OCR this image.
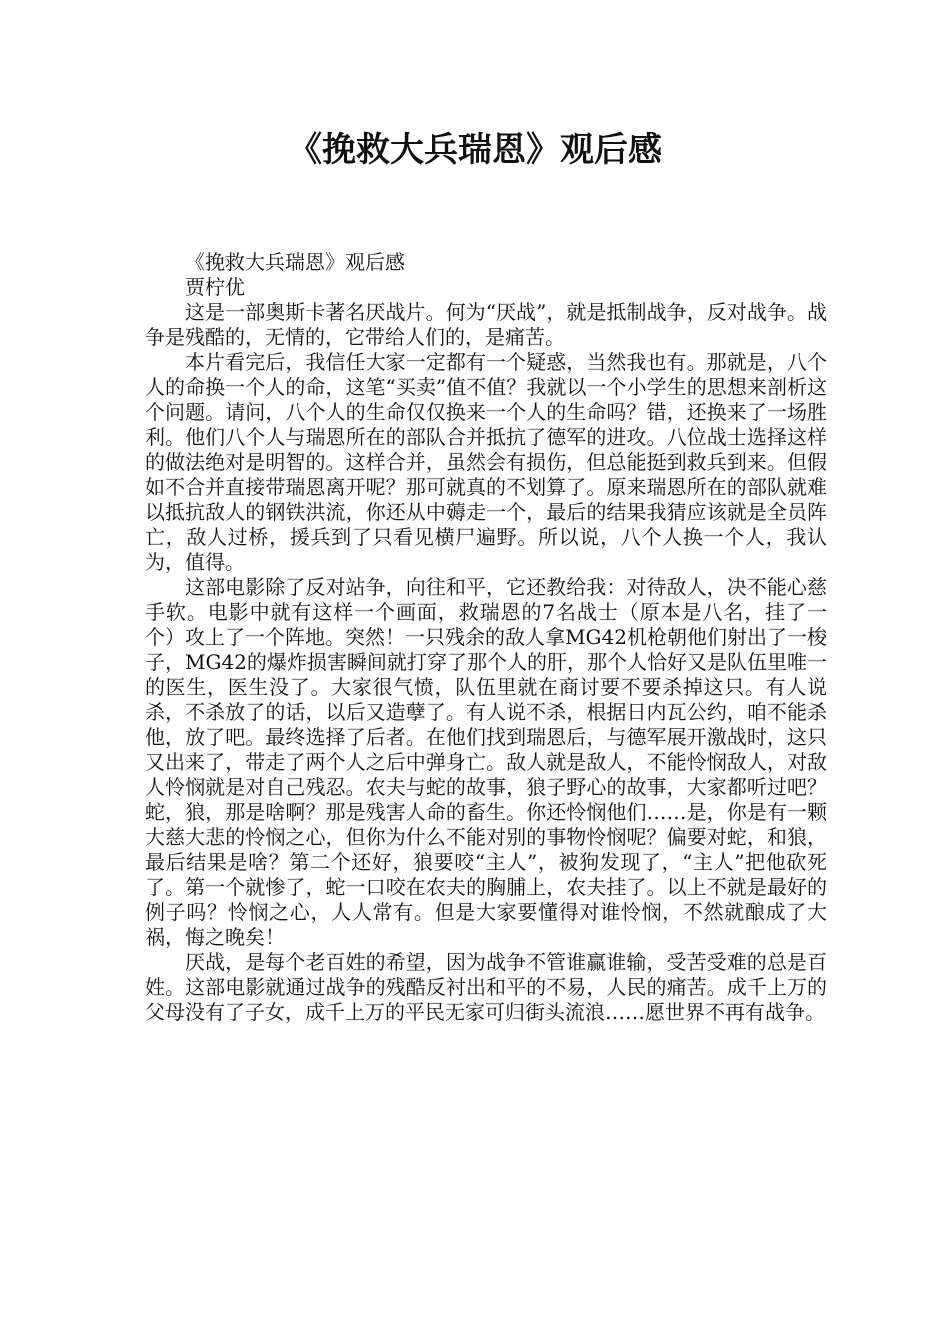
《挽救大兵瑞恩》观后感

《挽救大兵瑞恩》观后感

贾柠优

这是一部奥斯卡著名厌战片。何为“厌战”，就是抵制战争，反对战争。战争是残酷的，无情的，它带给人们的，是痛苦。

本片看完后，我信任大家一定都有一个疑惑，当然我也有。那就是，八个人的命换一个人的命，这笔“买卖”值不值？我就以一个小学生的思想来剖析这个问题。请问，八个人的生命仅仅换来一个人的生命吗？错，还换来了一场胜利。他们八个人与瑞恩所在的部队合并抵抗了德军的进攻。八位战士选择这样的做法绝对是明智的。这样合并，虽然会有损伤，但总能挺到救兵到来。但假如不合并直接带瑞恩离开呢？那可就真的不划算了。原来瑞恩所在的部队就难以抵抗敌人的钢铁洪流，你还从中薅走一个，最后的结果我猜应该就是全员阵亡，敌人过桥，援兵到了只看见横尸遍野。所以说，八个人换一个人，我认为，值得。

这部电影除了反对站争，向往和平，它还教给我：对待敌人，决不能心慈手软。电影中就有这样一个画面，救瑞恩的7名战士（原本是八名，挂了一个）攻上了一个阵地。突然！一只残余的敌人拿MG42机枪朝他们射出了一梭子，MG42的爆炸损害瞬间就打穿了那个人的肝，那个人恰好又是队伍里唯一的医生，医生没了。大家很气愤，队伍里就在商讨要不要杀掉这只。有人说杀，不杀放了的话，以后又造孽了。有人说不杀，根据日内瓦公约，咱不能杀他，放了吧。最终选择了后者。在他们找到瑞恩后，与德军展开激战时，这只又出来了，带走了两个人之后中弹身亡。敌人就是敌人，不能怜悯敌人，对敌人怜悯就是对自己残忍。农夫与蛇的故事，狼子野心的故事，大家都听过吧？蛇，狼，那是啥啊？那是残害人命的畜生。你还怜悯他们……是，你是有一颗大慈大悲的怜悯之心，但你为什么不能对别的事物怜悯呢？偏要对蛇，和狼，最后结果是啥？第二个还好，狼要咬“主人”，被狗发现了，“主人”把他砍死了。第一个就惨了，蛇一口咬在农夫的胸脯上，农夫挂了。以上不就是最好的例子吗？怜悯之心，人人常有。但是大家要懂得对谁怜悯，不然就酿成了大祸，悔之晚矣！

厌战，是每个老百姓的希望，因为战争不管谁赢谁输，受苦受难的总是百姓。这部电影就通过战争的残酷反衬出和平的不易，人民的痛苦。成千上万的父母没有了子女，成千上万的平民无家可归街头流浪……愿世界不再有战争。
